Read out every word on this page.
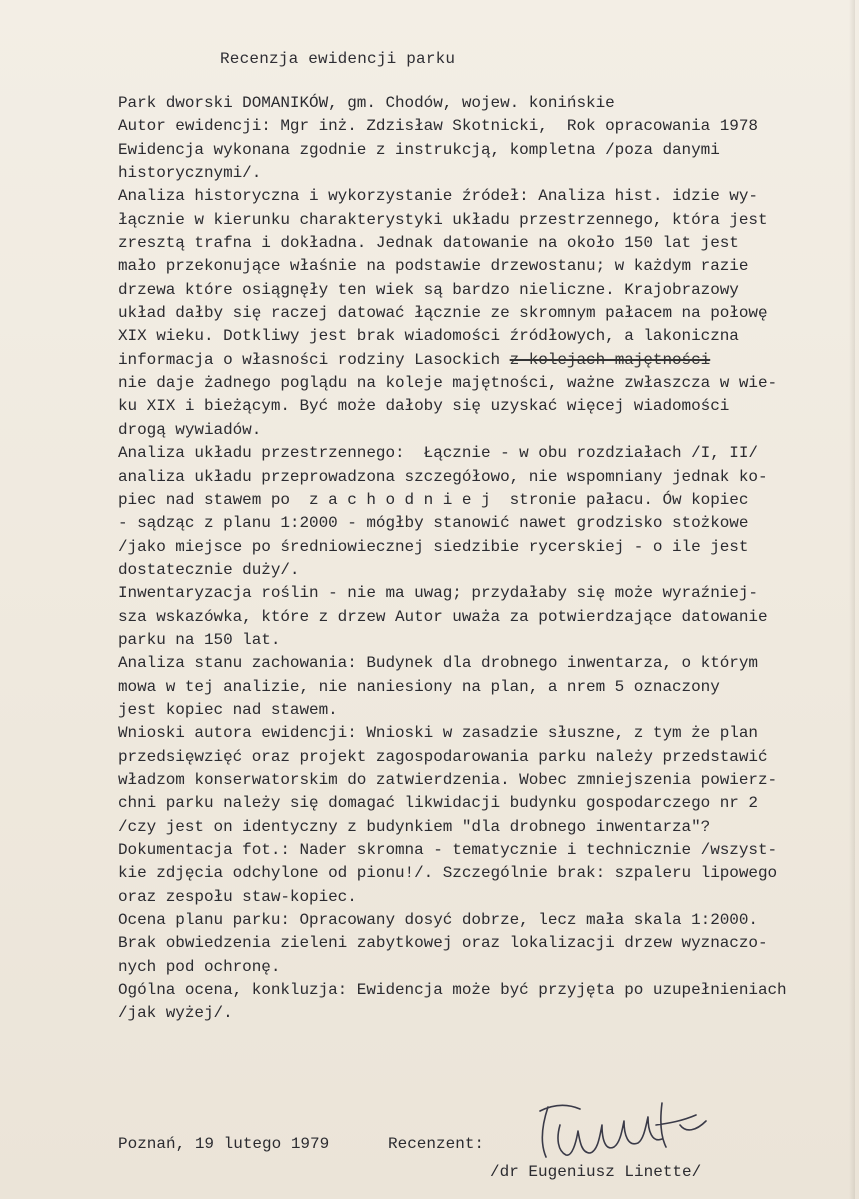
Recenzja ewidencji parku
Park dworski DOMANIKÓW, gm. Chodów, wojew. konińskie
Autor ewidencji: Mgr inż. Zdzisław Skotnicki,  Rok opracowania 1978
Ewidencja wykonana zgodnie z instrukcją, kompletna /poza danymi
historycznymi/.
Analiza historyczna i wykorzystanie źródeł: Analiza hist. idzie wy-
łącznie w kierunku charakterystyki układu przestrzennego, która jest
zresztą trafna i dokładna. Jednak datowanie na około 150 lat jest
mało przekonujące właśnie na podstawie drzewostanu; w każdym razie
drzewa które osiągnęły ten wiek są bardzo nieliczne. Krajobrazowy
układ dałby się raczej datować łącznie ze skromnym pałacem na połowę
XIX wieku. Dotkliwy jest brak wiadomości źródłowych, a lakoniczna
informacja o własności rodziny Lasockich z kolejach majętności
nie daje żadnego poglądu na koleje majętności, ważne zwłaszcza w wie-
ku XIX i bieżącym. Być może dałoby się uzyskać więcej wiadomości
drogą wywiadów.
Analiza układu przestrzennego:  Łącznie - w obu rozdziałach /I, II/
analiza układu przeprowadzona szczegółowo, nie wspomniany jednak ko-
piec nad stawem po  z a c h o d n i e j  stronie pałacu. Ów kopiec
- sądząc z planu 1:2000 - mógłby stanowić nawet grodzisko stożkowe
/jako miejsce po średniowiecznej siedzibie rycerskiej - o ile jest
dostatecznie duży/.
Inwentaryzacja roślin - nie ma uwag; przydałaby się może wyraźniej-
sza wskazówka, które z drzew Autor uważa za potwierdzające datowanie
parku na 150 lat.
Analiza stanu zachowania: Budynek dla drobnego inwentarza, o którym
mowa w tej analizie, nie naniesiony na plan, a nrem 5 oznaczony
jest kopiec nad stawem.
Wnioski autora ewidencji: Wnioski w zasadzie słuszne, z tym że plan
przedsięwzięć oraz projekt zagospodarowania parku należy przedstawić
władzom konserwatorskim do zatwierdzenia. Wobec zmniejszenia powierz-
chni parku należy się domagać likwidacji budynku gospodarczego nr 2
/czy jest on identyczny z budynkiem "dla drobnego inwentarza"?
Dokumentacja fot.: Nader skromna - tematycznie i technicznie /wszyst-
kie zdjęcia odchylone od pionu!/. Szczególnie brak: szpaleru lipowego
oraz zespołu staw-kopiec.
Ocena planu parku: Opracowany dosyć dobrze, lecz mała skala 1:2000.
Brak obwiedzenia zieleni zabytkowej oraz lokalizacji drzew wyznaczo-
nych pod ochronę.
Ogólna ocena, konkluzja: Ewidencja może być przyjęta po uzupełnieniach
/jak wyżej/.

Poznań, 19 lutego 1979

	Recenzent:

/dr Eugeniusz Linette/
